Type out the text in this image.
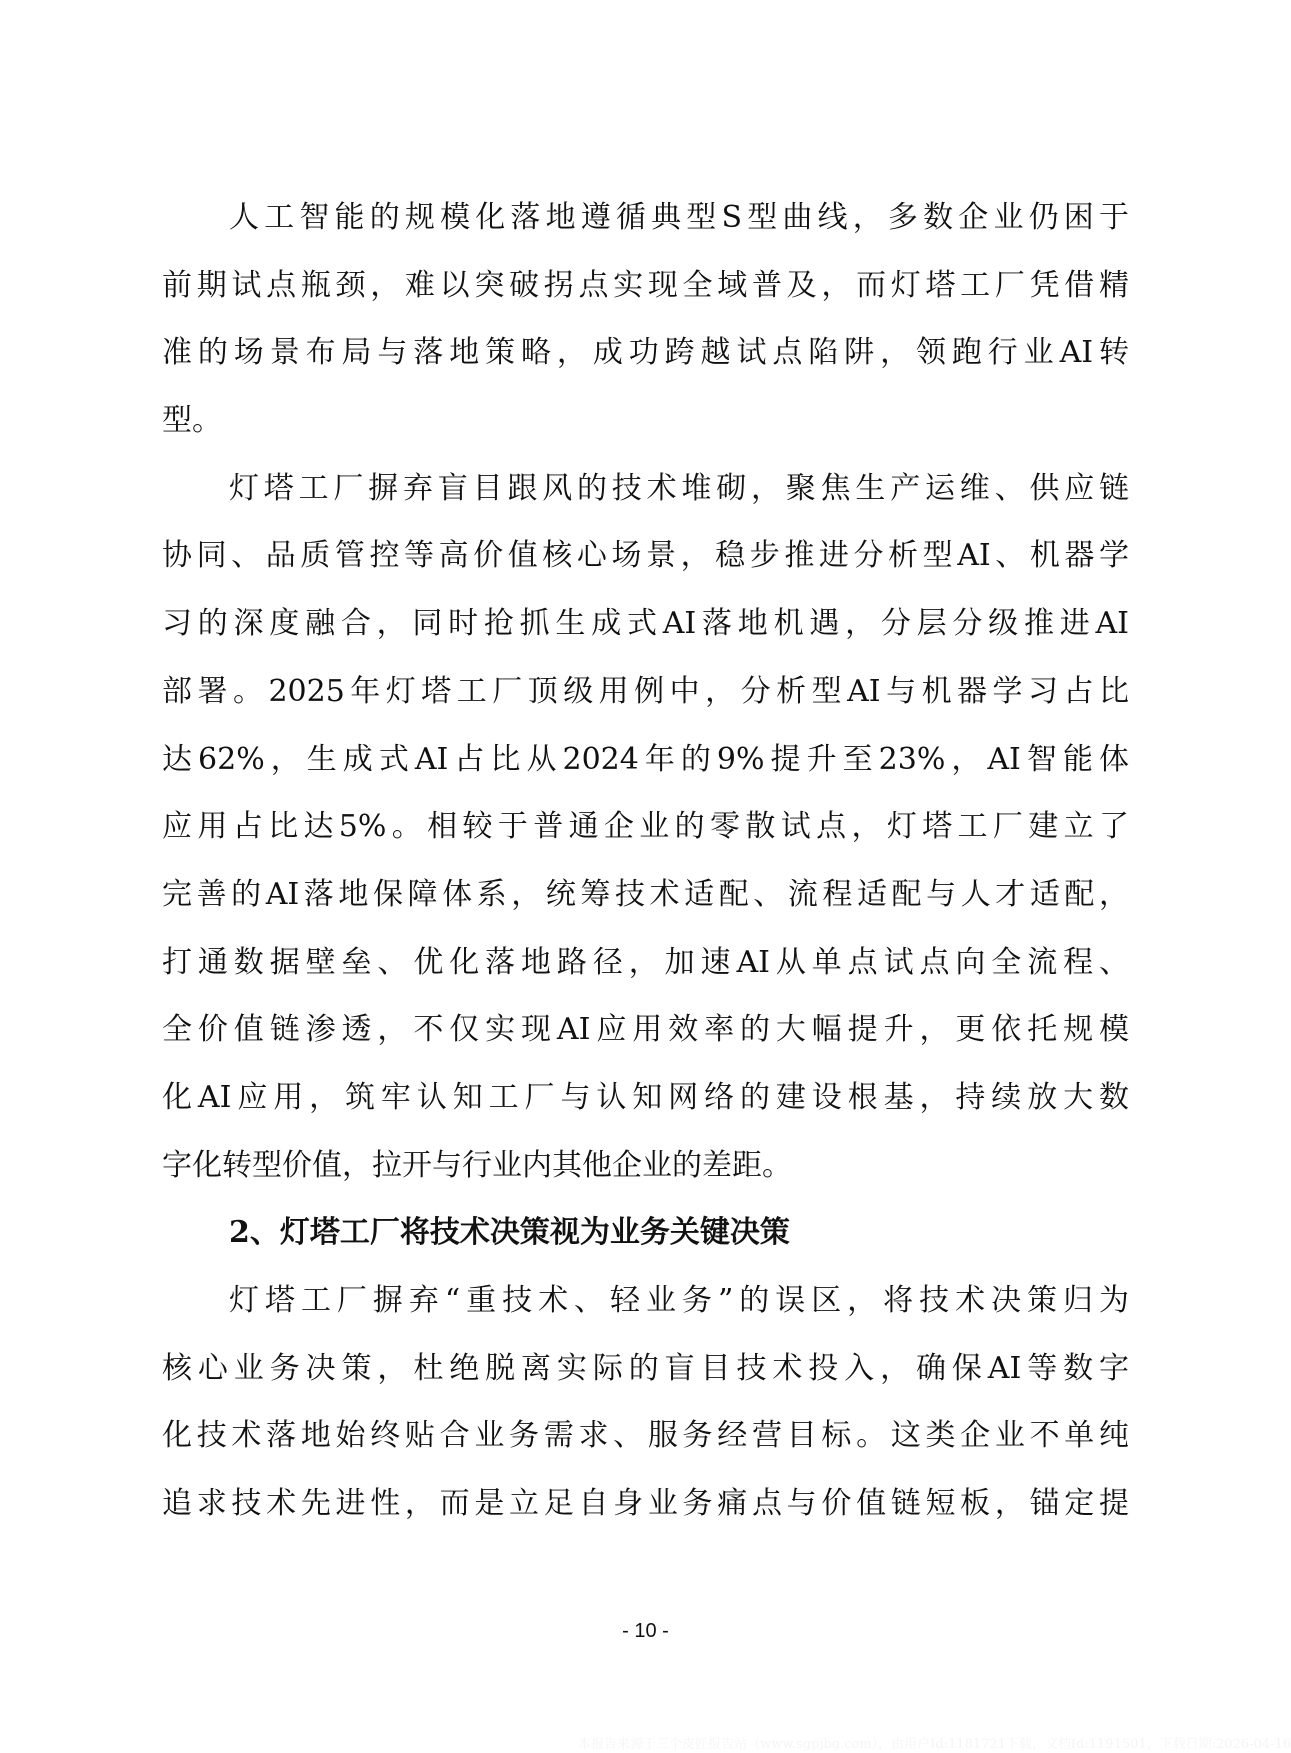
人工智能的规模化落地遵循典型S型曲线，多数企业仍困于
前期试点瓶颈，难以突破拐点实现全域普及，而灯塔工厂凭借精
准的场景布局与落地策略，成功跨越试点陷阱，领跑行业AI转
型。
灯塔工厂摒弃盲目跟风的技术堆砌，聚焦生产运维、供应链
协同、品质管控等高价值核心场景，稳步推进分析型AI、机器学
习的深度融合，同时抢抓生成式AI落地机遇，分层分级推进AI
部署。2025年灯塔工厂顶级用例中，分析型AI与机器学习占比
达62%，生成式AI占比从2024年的9%提升至23%，AI智能体
应用占比达5%。相较于普通企业的零散试点，灯塔工厂建立了
完善的AI落地保障体系，统筹技术适配、流程适配与人才适配，
打通数据壁垒、优化落地路径，加速AI从单点试点向全流程、
全价值链渗透，不仅实现AI应用效率的大幅提升，更依托规模
化AI应用，筑牢认知工厂与认知网络的建设根基，持续放大数
字化转型价值，拉开与行业内其他企业的差距。
2、灯塔工厂将技术决策视为业务关键决策
灯塔工厂摒弃“重技术、轻业务”的误区，将技术决策归为
核心业务决策，杜绝脱离实际的盲目技术投入，确保AI等数字
化技术落地始终贴合业务需求、服务经营目标。这类企业不单纯
追求技术先进性，而是立足自身业务痛点与价值链短板，锚定提
- 10 -
本报告来源于三个皮匠报告站（www.sgpjbg.com），由用户Id:1181721下载，文档Id:1191501，下载日期:2026-04-16
